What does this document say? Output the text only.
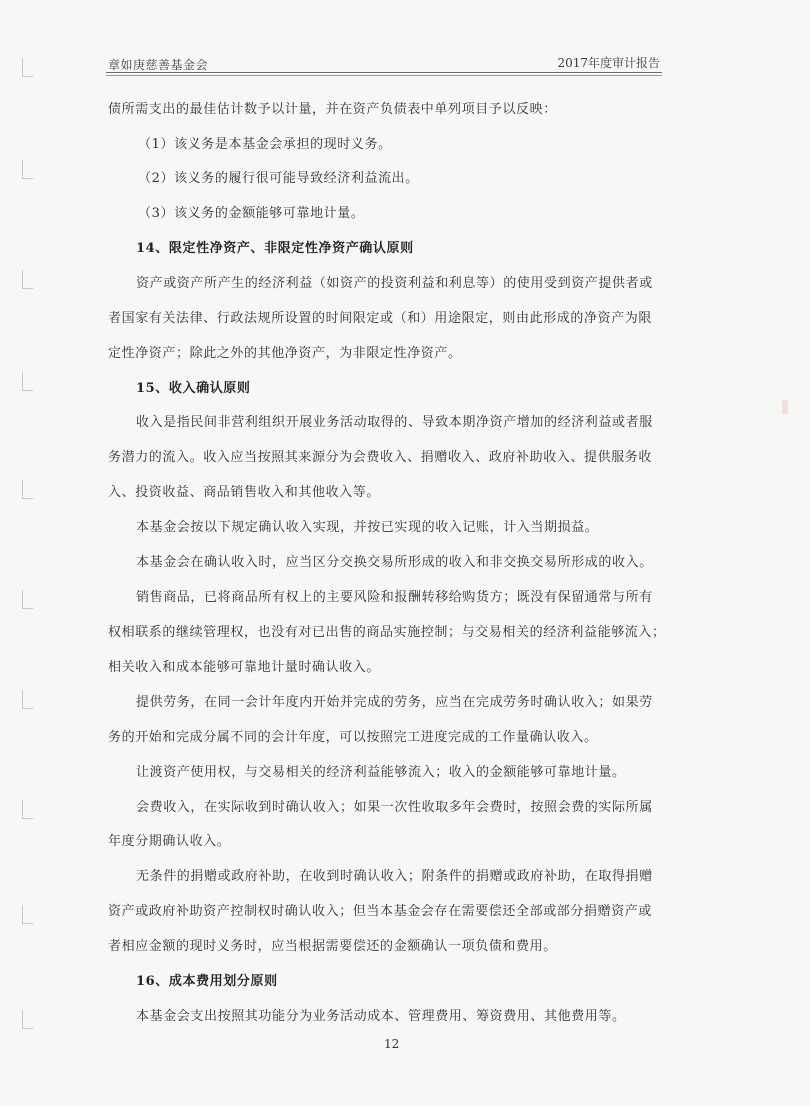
章如庚慈善基金会	2017年度审计报告
债所需支出的最佳估计数予以计量，并在资产负债表中单列项目予以反映：
（1）该义务是本基金会承担的现时义务。
（2）该义务的履行很可能导致经济利益流出。
（3）该义务的金额能够可靠地计量。
14、限定性净资产、非限定性净资产确认原则
资产或资产所产生的经济利益（如资产的投资利益和利息等）的使用受到资产提供者或
者国家有关法律、行政法规所设置的时间限定或（和）用途限定，则由此形成的净资产为限
定性净资产；除此之外的其他净资产，为非限定性净资产。
15、收入确认原则
收入是指民间非营利组织开展业务活动取得的、导致本期净资产增加的经济利益或者服
务潜力的流入。收入应当按照其来源分为会费收入、捐赠收入、政府补助收入、提供服务收
入、投资收益、商品销售收入和其他收入等。
本基金会按以下规定确认收入实现，并按已实现的收入记账，计入当期损益。
本基金会在确认收入时，应当区分交换交易所形成的收入和非交换交易所形成的收入。
销售商品，已将商品所有权上的主要风险和报酬转移给购货方；既没有保留通常与所有
权相联系的继续管理权，也没有对已出售的商品实施控制；与交易相关的经济利益能够流入；
相关收入和成本能够可靠地计量时确认收入。
提供劳务，在同一会计年度内开始并完成的劳务，应当在完成劳务时确认收入；如果劳
务的开始和完成分属不同的会计年度，可以按照完工进度完成的工作量确认收入。
让渡资产使用权，与交易相关的经济利益能够流入；收入的金额能够可靠地计量。
会费收入，在实际收到时确认收入；如果一次性收取多年会费时，按照会费的实际所属
年度分期确认收入。
无条件的捐赠或政府补助，在收到时确认收入；附条件的捐赠或政府补助，在取得捐赠
资产或政府补助资产控制权时确认收入；但当本基金会存在需要偿还全部或部分捐赠资产或
者相应金额的现时义务时，应当根据需要偿还的金额确认一项负债和费用。
16、成本费用划分原则
本基金会支出按照其功能分为业务活动成本、管理费用、筹资费用、其他费用等。
12
